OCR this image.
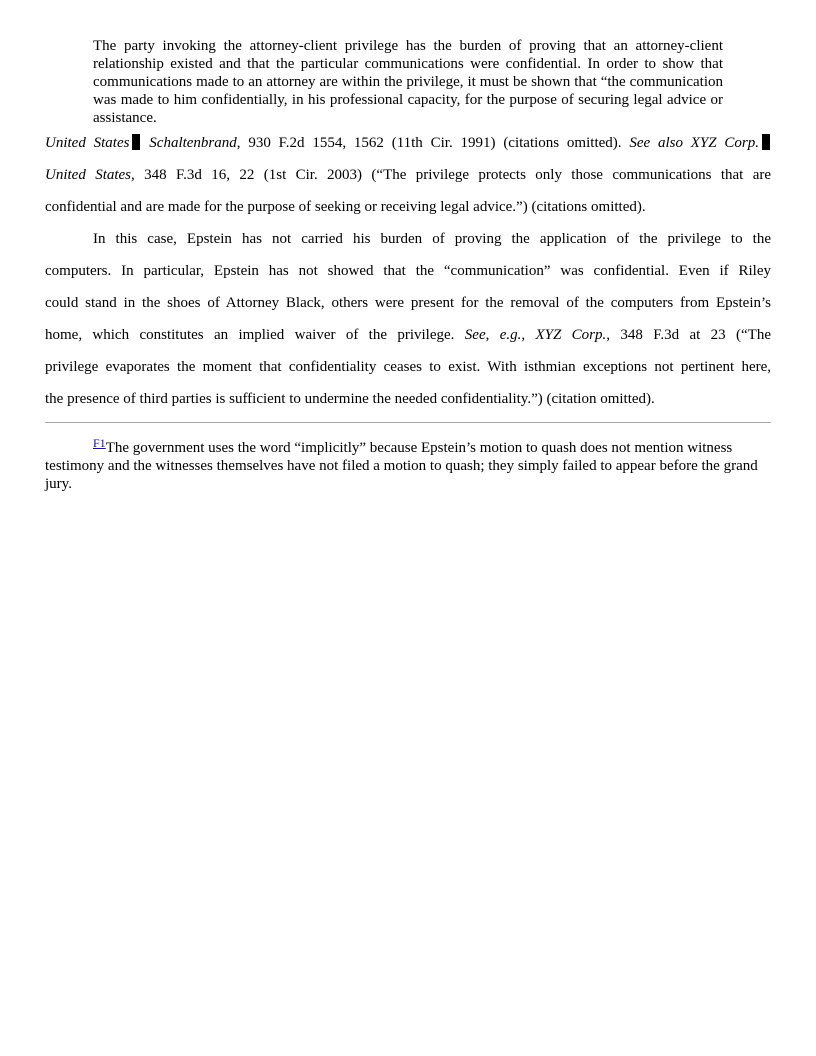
The party invoking the attorney-client privilege has the burden of proving that an attorney-client relationship existed and that the particular communications were confidential. In order to show that communications made to an attorney are within the privilege, it must be shown that “the communication was made to him confidentially, in his professional capacity, for the purpose of securing legal advice or assistance.
United States Schaltenbrand, 930 F.2d 1554, 1562 (11th Cir. 1991) (citations omitted). See also XYZ Corp.
United States, 348 F.3d 16, 22 (1st Cir. 2003) (“The privilege protects only those communications that are
confidential and are made for the purpose of seeking or receiving legal advice.”) (citations omitted).
In this case, Epstein has not carried his burden of proving the application of the privilege to the
computers. In particular, Epstein has not showed that the “communication” was confidential. Even if Riley
could stand in the shoes of Attorney Black, others were present for the removal of the computers from Epstein’s
home, which constitutes an implied waiver of the privilege. See, e.g., XYZ Corp., 348 F.3d at 23 (“The
privilege evaporates the moment that confidentiality ceases to exist. With isthmian exceptions not pertinent here,
the presence of third parties is sufficient to undermine the needed confidentiality.”) (citation omitted).
$^{F1}$The government uses the word “implicitly” because Epstein’s motion to quash does not mention witness testimony and the witnesses themselves have not filed a motion to quash; they simply failed to appear before the grand jury.
